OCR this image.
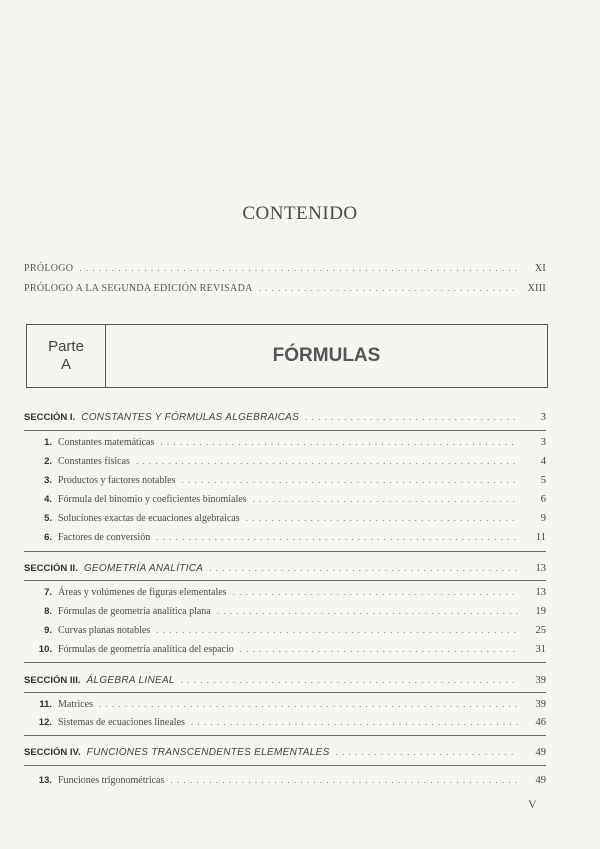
CONTENIDO
PRÓLOGO . . .	XI
PRÓLOGO A LA SEGUNDA EDICIÓN REVISADA . . .	XIII
Parte
A	FÓRMULAS
SECCIÓN I. CONSTANTES Y FÓRMULAS ALGEBRAICAS . . .	3
1. Constantes matemáticas . . .	3
2. Constantes físicas . . .	4
3. Productos y factores notables . . .	5
4. Fórmula del binomio y coeficientes binomiales . . .	6
5. Soluciones exactas de ecuaciones algebraicas . . .	9
6. Factores de conversión . . .	11
SECCIÓN II. GEOMETRÍA ANALÍTICA . . .	13
7. Áreas y volúmenes de figuras elementales . . .	13
8. Fórmulas de geometría analítica plana . . .	19
9. Curvas planas notables . . .	25
10. Fórmulas de geometría analítica del espacio . . .	31
SECCIÓN III. ÁLGEBRA LINEAL . . .	39
11. Matrices . . .	39
12. Sistemas de ecuaciones lineales . . .	46
SECCIÓN IV. FUNCIONES TRANSCENDENTES ELEMENTALES . . .	49
13. Funciones trigonométricas . . .	49
V
